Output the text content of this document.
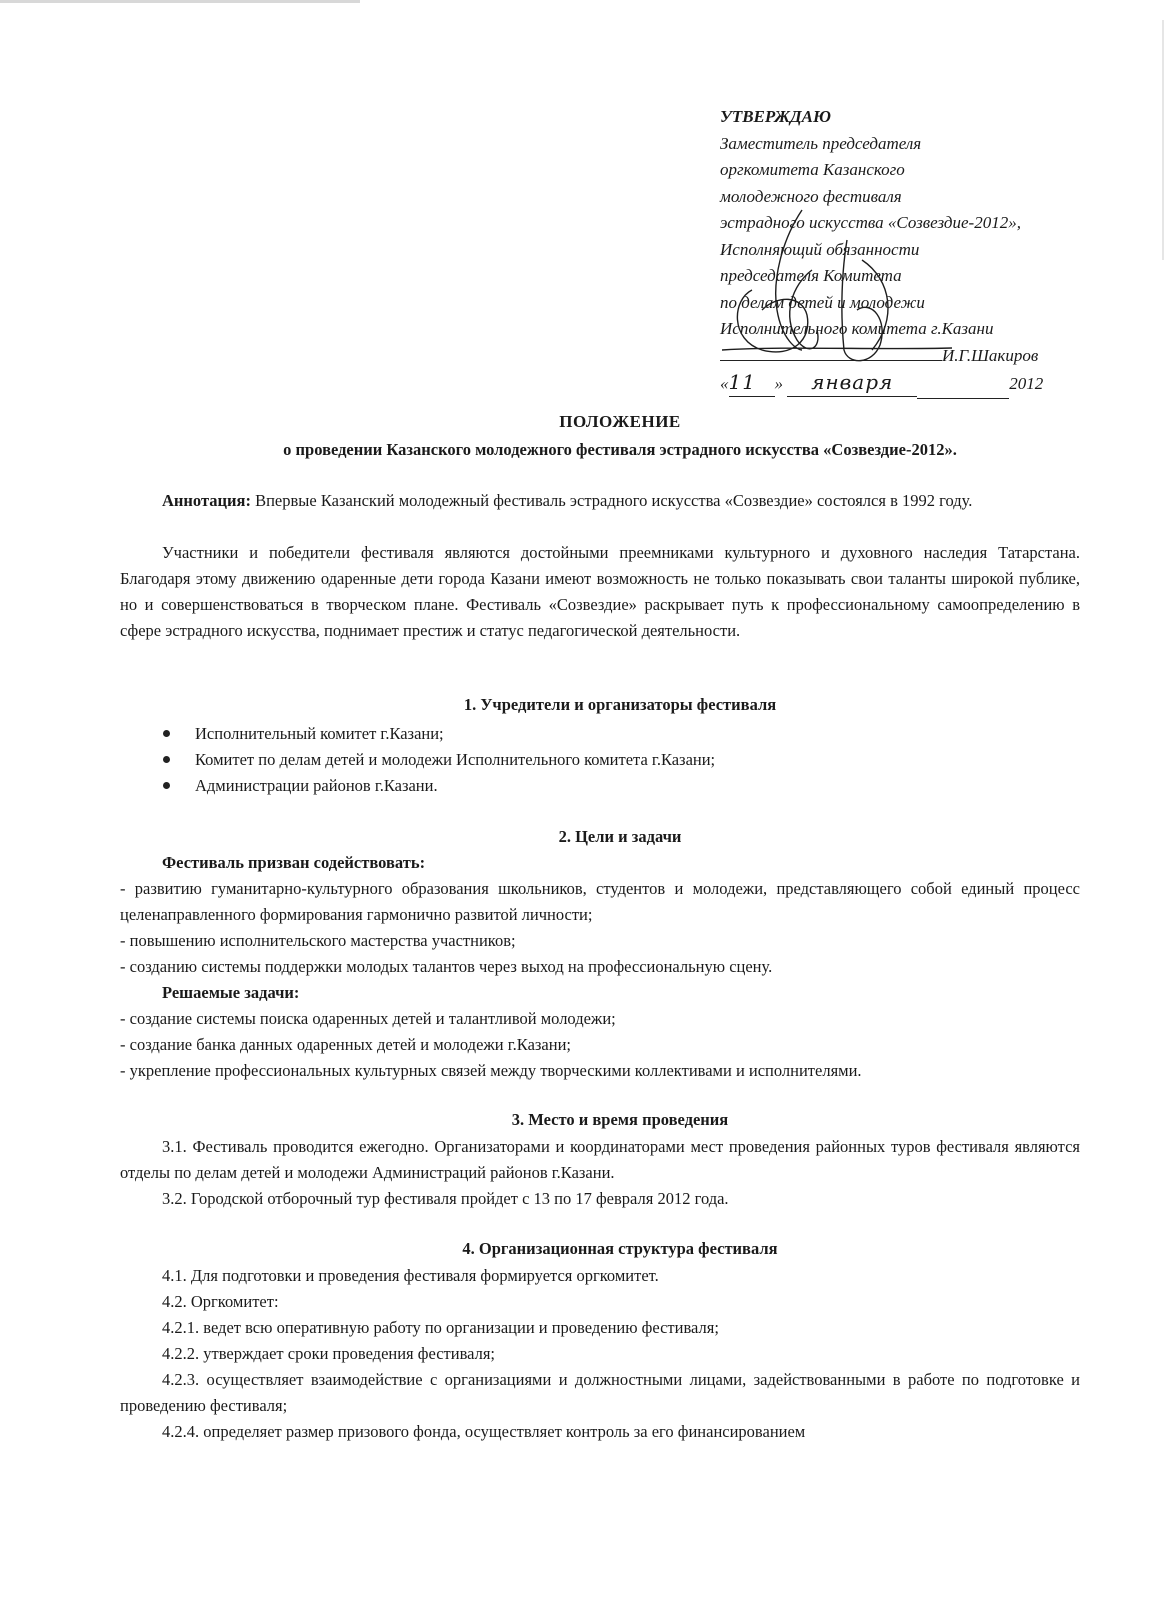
УТВЕРЖДАЮ
Заместитель председателя
оргкомитета Казанского
молодежного фестиваля
эстрадного искусства «Созвездие-2012»,
Исполняющий обязанности
председателя Комитета
по делам детей и молодежи
Исполнительного комитета г.Казани
И.Г.Шакиров
«11 » января	2012
ПОЛОЖЕНИЕ
о проведении Казанского молодежного фестиваля эстрадного искусства «Созвездие-2012».
Аннотация: Впервые Казанский молодежный фестиваль эстрадного искусства «Созвездие» состоялся в 1992 году.
Участники и победители фестиваля являются достойными преемниками культурного и духовного наследия Татарстана. Благодаря этому движению одаренные дети города Казани имеют возможность не только показывать свои таланты широкой публике, но и совершенствоваться в творческом плане. Фестиваль «Созвездие» раскрывает путь к профессиональному самоопределению в сфере эстрадного искусства, поднимает престиж и статус педагогической деятельности.
1. Учредители и организаторы фестиваля
Исполнительный комитет г.Казани;
Комитет по делам детей и молодежи Исполнительного комитета г.Казани;
Администрации районов г.Казани.
2. Цели и задачи
Фестиваль призван содействовать:
- развитию гуманитарно-культурного образования школьников, студентов и молодежи, представляющего собой единый процесс целенаправленного формирования гармонично развитой личности;
- повышению исполнительского мастерства участников;
- созданию системы поддержки молодых талантов через выход на профессиональную сцену.
Решаемые задачи:
- создание системы поиска одаренных детей и талантливой молодежи;
- создание банка данных одаренных детей и молодежи г.Казани;
- укрепление профессиональных культурных связей между творческими коллективами и исполнителями.
3. Место и время проведения
3.1. Фестиваль проводится ежегодно. Организаторами и координаторами мест проведения районных туров фестиваля являются отделы по делам детей и молодежи Администраций районов г.Казани.
3.2. Городской отборочный тур фестиваля пройдет с 13 по 17 февраля 2012 года.
4. Организационная структура фестиваля
4.1. Для подготовки и проведения фестиваля формируется оргкомитет.
4.2. Оргкомитет:
4.2.1. ведет всю оперативную работу по организации и проведению фестиваля;
4.2.2. утверждает сроки проведения фестиваля;
4.2.3. осуществляет взаимодействие с организациями и должностными лицами, задействованными в работе по подготовке и проведению фестиваля;
4.2.4. определяет размер призового фонда, осуществляет контроль за его финансированием
